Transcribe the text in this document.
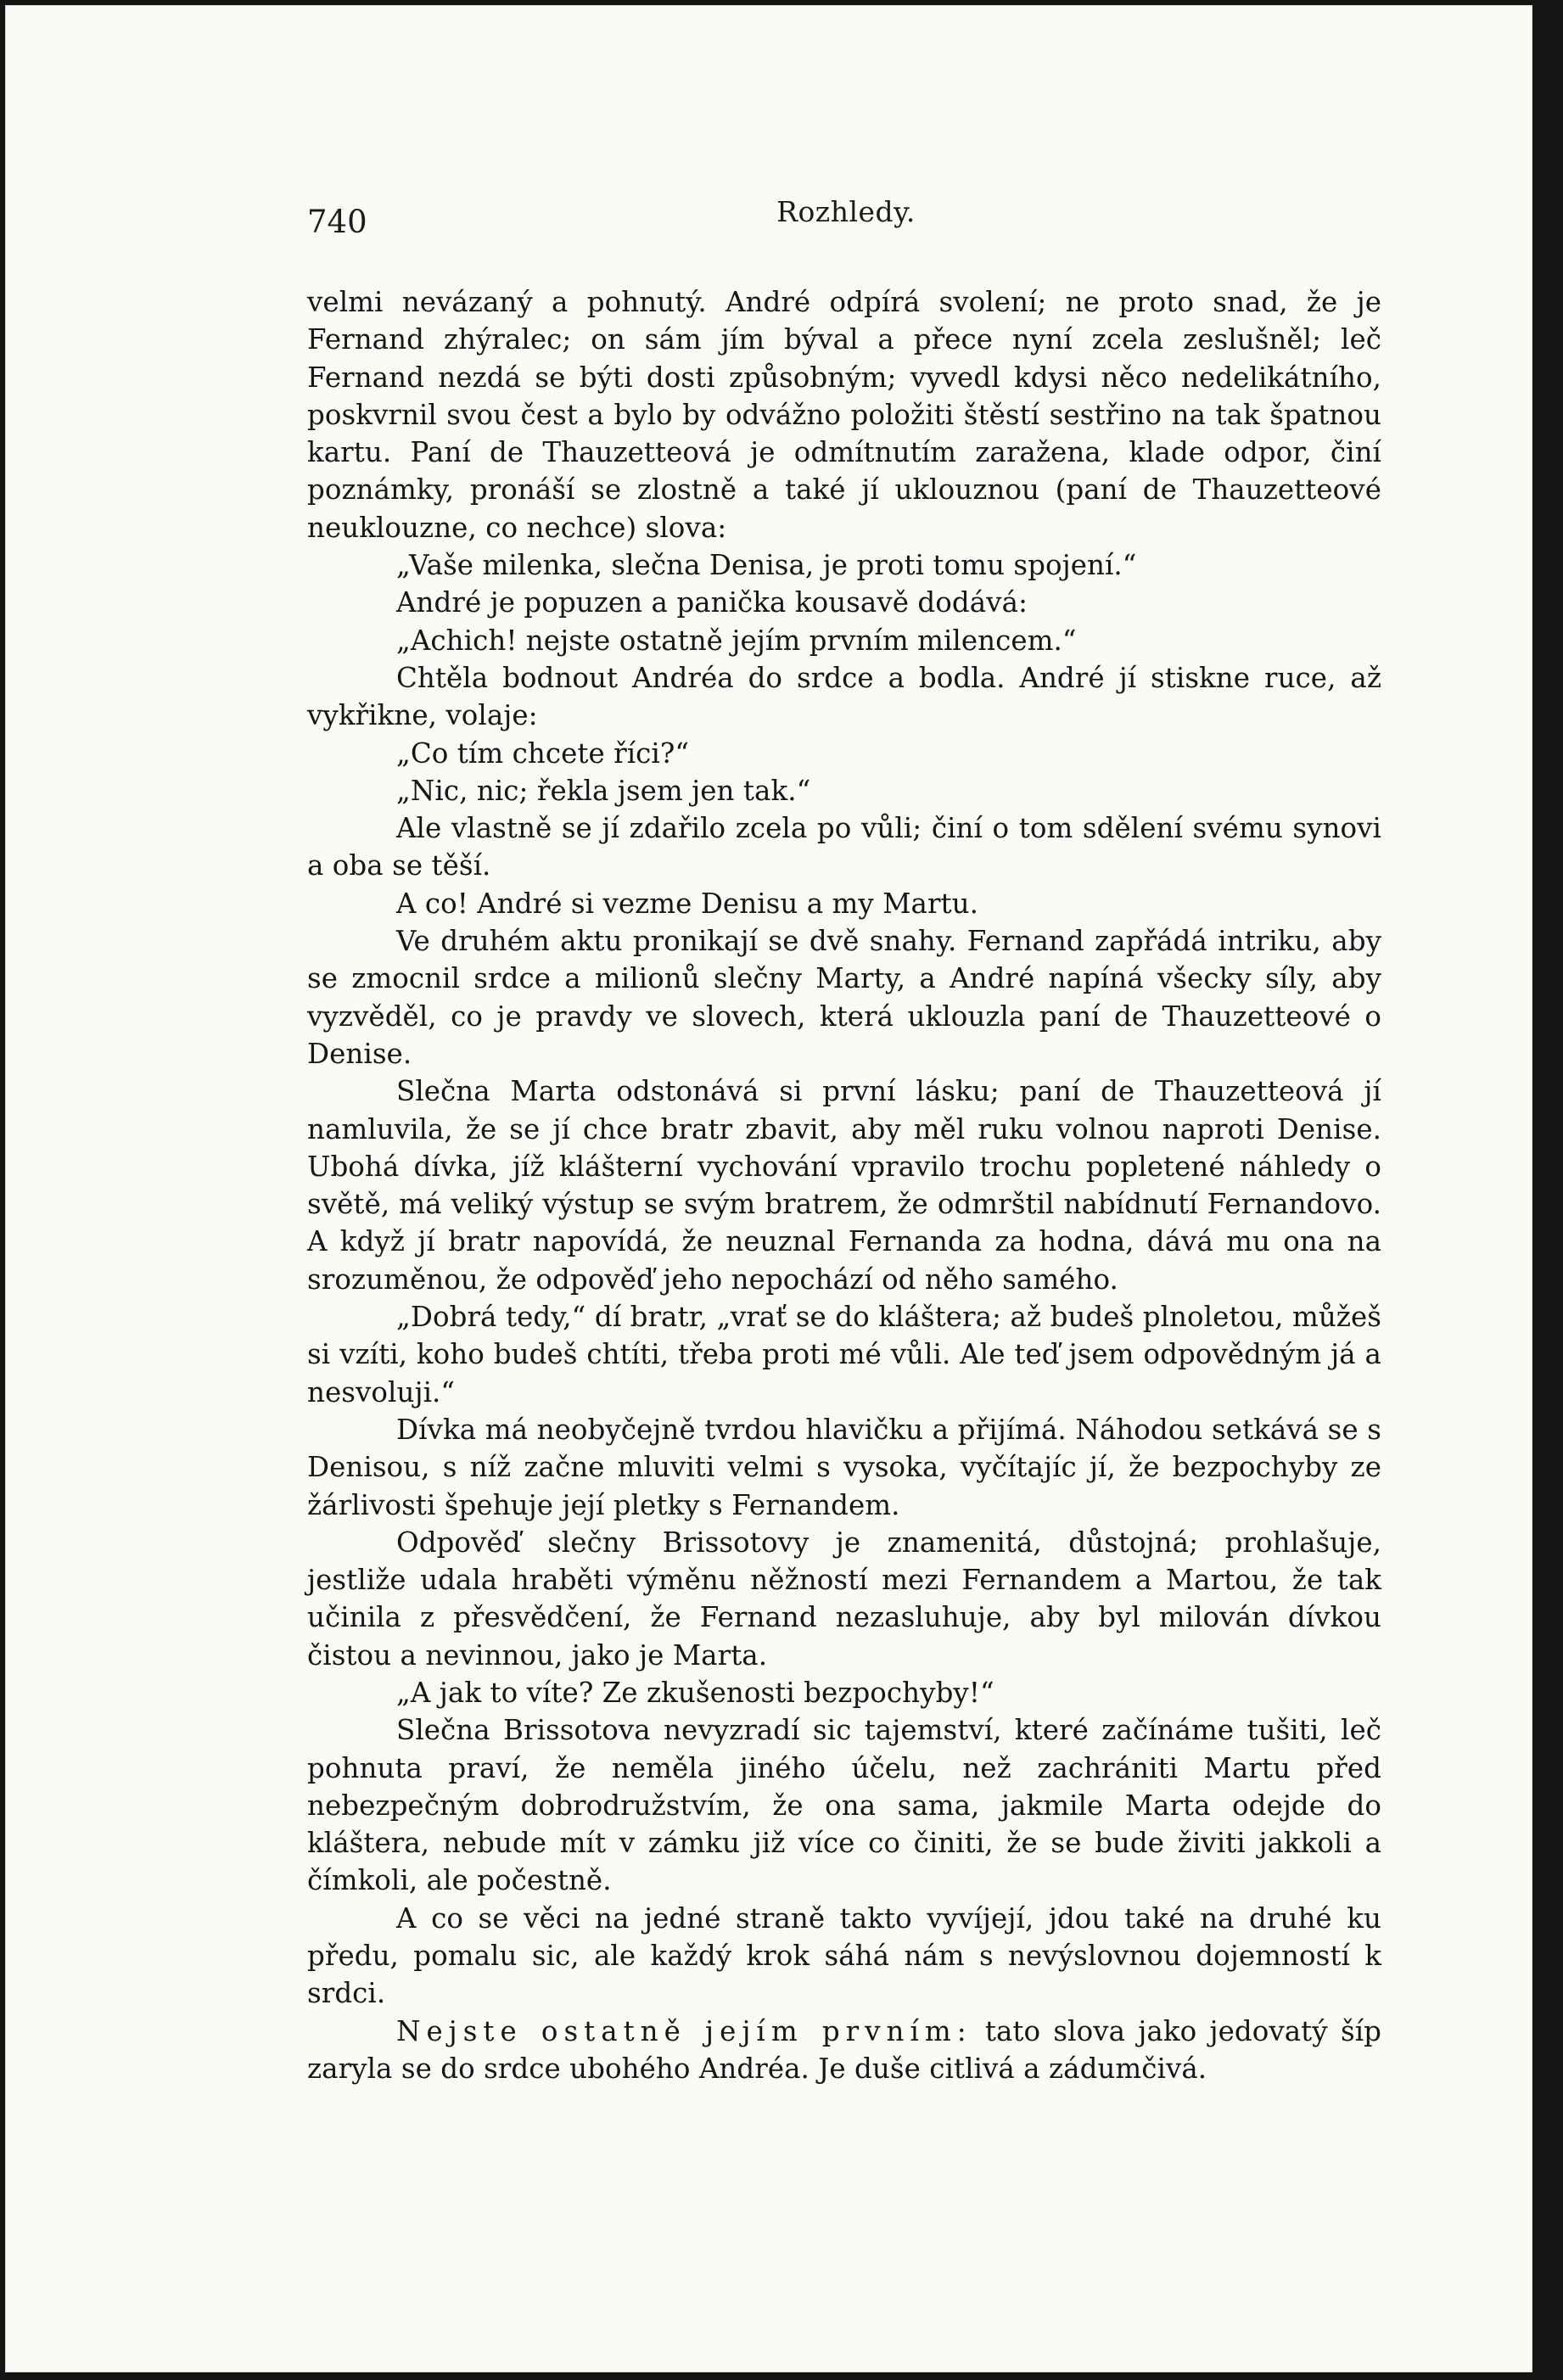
740	Rozhledy.

velmi nevázaný a pohnutý. André odpírá svolení; ne proto snad, že je Fernand zhýralec; on sám jím býval a přece nyní zcela zeslušněl; leč Fernand nezdá se býti dosti způsobným; vyvedl kdysi něco nedelikátního, poskvrnil svou čest a bylo by odvážno položiti štěstí sestřino na tak špatnou kartu. Paní de Thauzetteová je odmítnutím zaražena, klade odpor, činí poznámky, pronáší se zlostně a také jí uklouznou (paní de Thauzetteové neuklouzne, co nechce) slova:

„Vaše milenka, slečna Denisa, je proti tomu spojení.“

André je popuzen a panička kousavě dodává:

„Achich! nejste ostatně jejím prvním milencem.“

Chtěla bodnout Andréa do srdce a bodla. André jí stiskne ruce, až vykřikne, volaje:

„Co tím chcete říci?“

„Nic, nic; řekla jsem jen tak.“

Ale vlastně se jí zdařilo zcela po vůli; činí o tom sdělení svému synovi a oba se těší.

A co! André si vezme Denisu a my Martu.

Ve druhém aktu pronikají se dvě snahy. Fernand zapřádá intriku, aby se zmocnil srdce a milionů slečny Marty, a André napíná všecky síly, aby vyzvěděl, co je pravdy ve slovech, která uklouzla paní de Thauzetteové o Denise.

Slečna Marta odstonává si první lásku; paní de Thauzetteová jí namluvila, že se jí chce bratr zbavit, aby měl ruku volnou naproti Denise. Ubohá dívka, jíž klášterní vychování vpravilo trochu popletené náhledy o světě, má veliký výstup se svým bratrem, že odmrštil nabídnutí Fernandovo. A když jí bratr napovídá, že neuznal Fernanda za hodna, dává mu ona na srozuměnou, že odpověď jeho nepochází od něho samého.

„Dobrá tedy,“ dí bratr, „vrať se do kláštera; až budeš plnoletou, můžeš si vzíti, koho budeš chtíti, třeba proti mé vůli. Ale teď jsem odpovědným já a nesvoluji.“

Dívka má neobyčejně tvrdou hlavičku a přijímá. Náhodou setkává se s Denisou, s níž začne mluviti velmi s vysoka, vyčítajíc jí, že bezpochyby ze žárlivosti špehuje její pletky s Fernandem.

Odpověď slečny Brissotovy je znamenitá, důstojná; prohlašuje, jestliže udala hraběti výměnu něžností mezi Fernandem a Martou, že tak učinila z přesvědčení, že Fernand nezasluhuje, aby byl milován dívkou čistou a nevinnou, jako je Marta.

„A jak to víte? Ze zkušenosti bezpochyby!“

Slečna Brissotova nevyzradí sic tajemství, které začínáme tušiti, leč pohnuta praví, že neměla jiného účelu, než zachrániti Martu před nebezpečným dobrodružstvím, že ona sama, jakmile Marta odejde do kláštera, nebude mít v zámku již více co činiti, že se bude živiti jakkoli a čímkoli, ale počestně.

A co se věci na jedné straně takto vyvíjejí, jdou také na druhé ku předu, pomalu sic, ale každý krok sáhá nám s nevýslovnou dojemností k srdci.

Nejste ostatně jejím prvním: tato slova jako jedovatý šíp zaryla se do srdce ubohého Andréa. Je duše citlivá a zádumčivá.
